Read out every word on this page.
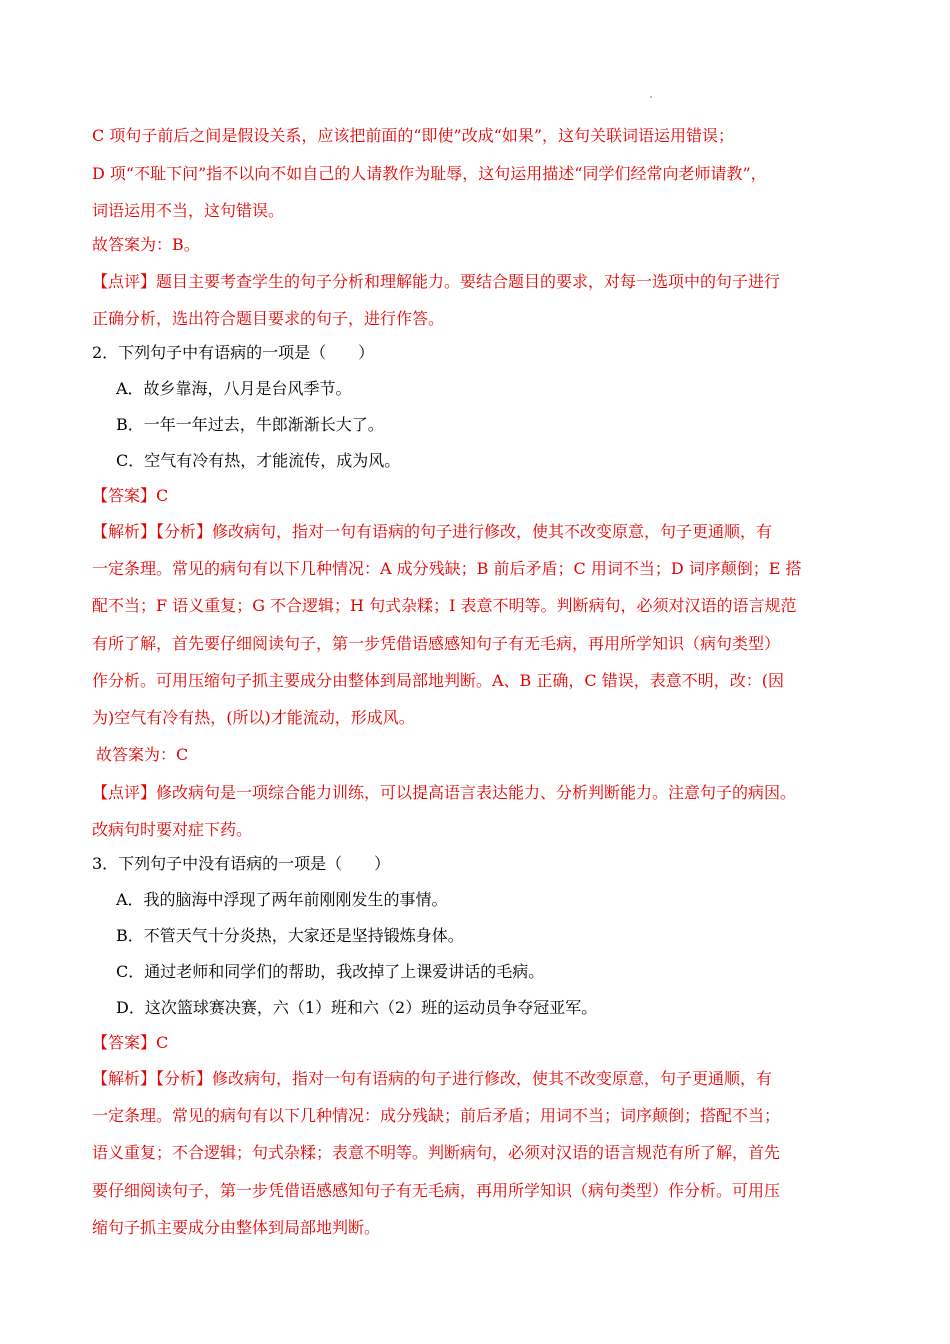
C 项句子前后之间是假设关系，应该把前面的“即使”改成“如果”，这句关联词语运用错误；
D 项“不耻下问”指不以向不如自己的人请教作为耻辱，这句运用描述“同学们经常向老师请教”，
词语运用不当，这句错误。
故答案为：B。
【点评】题目主要考查学生的句子分析和理解能力。要结合题目的要求，对每一选项中的句子进行
正确分析，选出符合题目要求的句子，进行作答。
2．下列句子中有语病的一项是（　　）
A．故乡靠海，八月是台风季节。
B．一年一年过去，牛郎渐渐长大了。
C．空气有冷有热，才能流传，成为风。
【答案】C
【解析】【分析】修改病句，指对一句有语病的句子进行修改，使其不改变原意，句子更通顺，有
一定条理。常见的病句有以下几种情况：A 成分残缺；B 前后矛盾；C 用词不当；D 词序颠倒；E 搭
配不当；F 语义重复；G 不合逻辑；H 句式杂糅；I 表意不明等。判断病句，必须对汉语的语言规范
有所了解，首先要仔细阅读句子，第一步凭借语感感知句子有无毛病，再用所学知识（病句类型）
作分析。可用压缩句子抓主要成分由整体到局部地判断。A、B 正确，C 错误，表意不明，改：(因
为)空气有冷有热，(所以)才能流动，形成风。
故答案为：C
【点评】修改病句是一项综合能力训练，可以提高语言表达能力、分析判断能力。注意句子的病因。
改病句时要对症下药。
3．下列句子中没有语病的一项是（　　）
A．我的脑海中浮现了两年前刚刚发生的事情。
B．不管天气十分炎热，大家还是坚持锻炼身体。
C．通过老师和同学们的帮助，我改掉了上课爱讲话的毛病。
D．这次篮球赛决赛，六（1）班和六（2）班的运动员争夺冠亚军。
【答案】C
【解析】【分析】修改病句，指对一句有语病的句子进行修改，使其不改变原意，句子更通顺，有
一定条理。常见的病句有以下几种情况：成分残缺；前后矛盾；用词不当；词序颠倒；搭配不当；
语义重复；不合逻辑；句式杂糅；表意不明等。判断病句，必须对汉语的语言规范有所了解，首先
要仔细阅读句子，第一步凭借语感感知句子有无毛病，再用所学知识（病句类型）作分析。可用压
缩句子抓主要成分由整体到局部地判断。
